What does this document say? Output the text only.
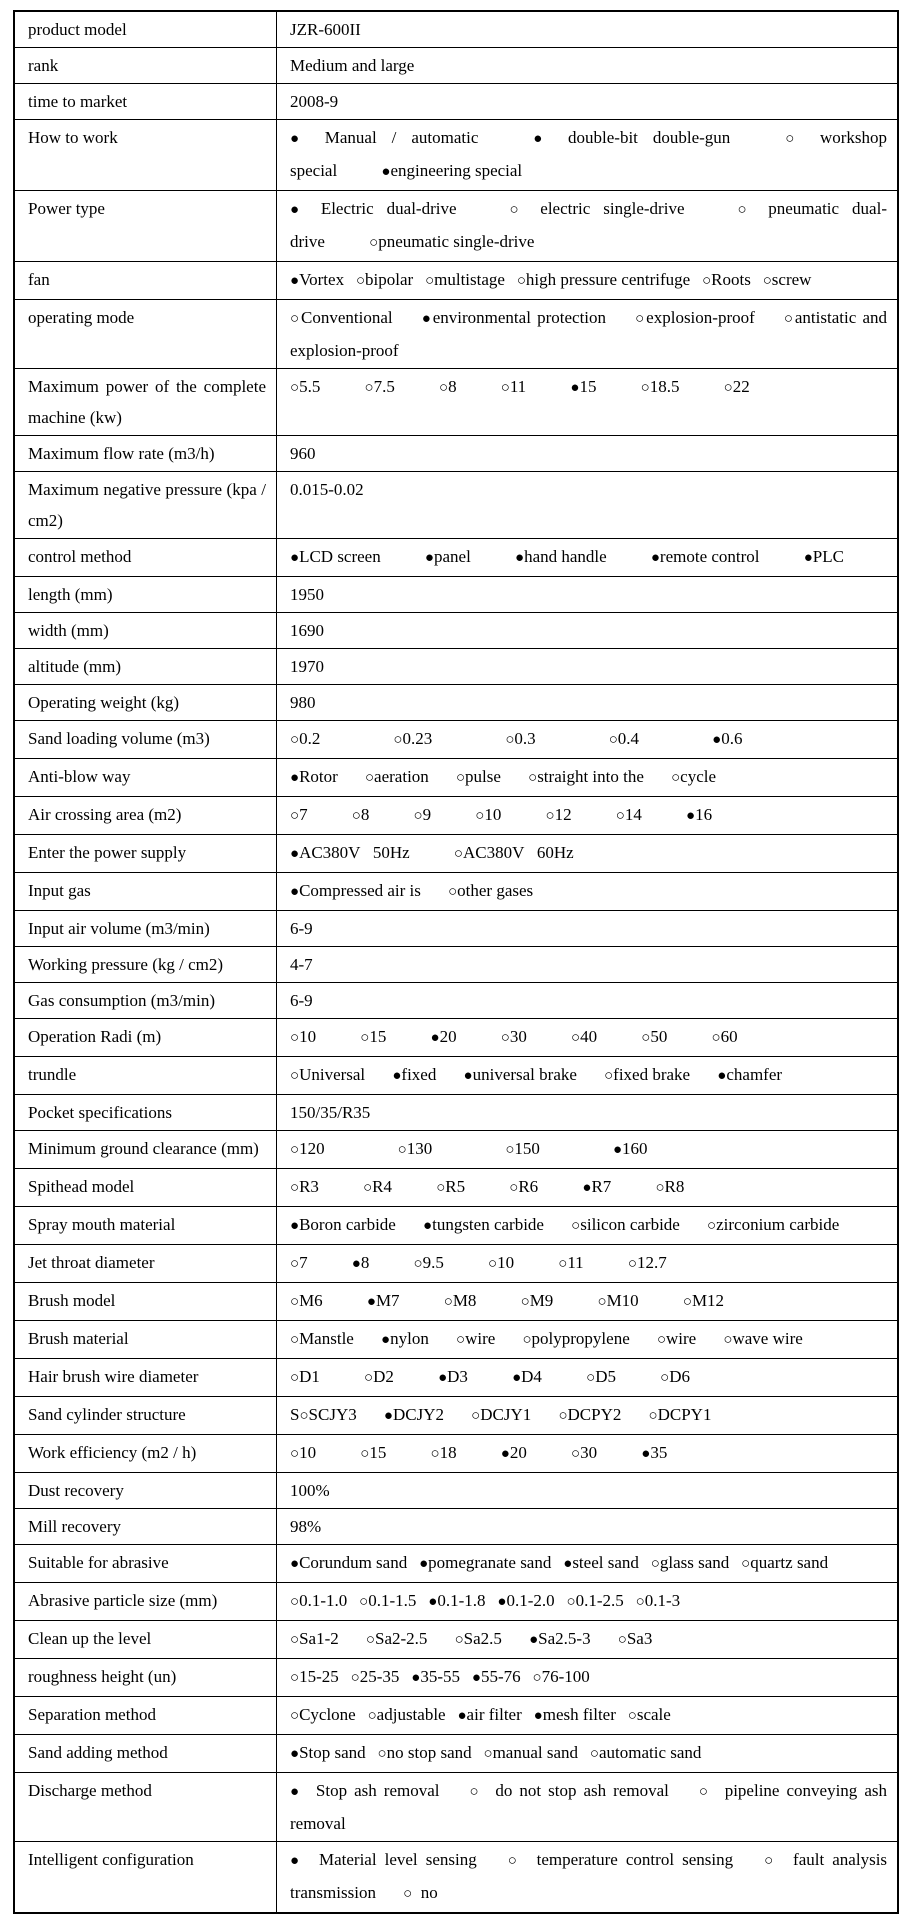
product model	JZR-600II
rank	Medium and large
time to market	2008-9
How to work	● Manual / automatic ● double-bit double-gun ○ workshop special ●engineering special
Power type	● Electric dual-drive ○ electric single-drive ○ pneumatic dual-drive ○pneumatic single-drive
fan	●Vortex ○bipolar ○multistage ○high pressure centrifuge ○Roots ○screw
operating mode	○Conventional ●environmental protection ○explosion-proof ○antistatic and explosion-proof
Maximum power of the complete machine (kw)	○5.5 ○7.5 ○8 ○11 ●15 ○18.5 ○22
Maximum flow rate (m3/h)	960
Maximum negative pressure (kpa / cm2)	0.015-0.02
control method	●LCD screen ●panel ●hand handle ●remote control ●PLC
length (mm)	1950
width (mm)	1690
altitude (mm)	1970
Operating weight (kg)	980
Sand loading volume (m3)	○0.2 ○0.23 ○0.3 ○0.4 ●0.6
Anti-blow way	●Rotor ○aeration ○pulse ○straight into the ○cycle
Air crossing area (m2)	○7 ○8 ○9 ○10 ○12 ○14 ●16
Enter the power supply	●AC380V   50Hz ○AC380V   60Hz
Input gas	●Compressed air is ○other gases
Input air volume (m3/min)	6-9
Working pressure (kg / cm2)	4-7
Gas consumption (m3/min)	6-9
Operation Radi (m)	○10 ○15 ●20 ○30 ○40 ○50 ○60
trundle	○Universal ●fixed ●universal brake ○fixed brake ●chamfer
Pocket specifications	150/35/R35
Minimum ground clearance (mm)	○120 ○130 ○150 ●160
Spithead model	○R3 ○R4 ○R5 ○R6 ●R7 ○R8
Spray mouth material	●Boron carbide ●tungsten carbide ○silicon carbide ○zirconium carbide
Jet throat diameter	○7 ●8 ○9.5 ○10 ○11 ○12.7
Brush model	○M6 ●M7 ○M8 ○M9 ○M10 ○M12
Brush material	○Manstle ●nylon ○wire ○polypropylene ○wire ○wave wire
Hair brush wire diameter	○D1 ○D2 ●D3 ●D4 ○D5 ○D6
Sand cylinder structure	S○SCJY3 ●DCJY2 ○DCJY1 ○DCPY2 ○DCPY1
Work efficiency (m2 / h)	○10 ○15 ○18 ●20 ○30 ●35
Dust recovery	100%
Mill recovery	98%
Suitable for abrasive	●Corundum sand ●pomegranate sand ●steel sand ○glass sand ○quartz sand
Abrasive particle size (mm)	○0.1-1.0 ○0.1-1.5 ●0.1-1.8 ●0.1-2.0 ○0.1-2.5 ○0.1-3
Clean up the level	○Sa1-2 ○Sa2-2.5 ○Sa2.5 ●Sa2.5-3 ○Sa3
roughness height (un)	○15-25 ○25-35 ●35-55 ●55-76 ○76-100
Separation method	○Cyclone ○adjustable ●air filter ●mesh filter ○scale
Sand adding method	●Stop sand ○no stop sand ○manual sand ○automatic sand
Discharge method	●  Stop ash removal ○  do not stop ash removal ○  pipeline conveying ash removal
Intelligent configuration	●  Material level sensing ○  temperature control sensing ○  fault analysis transmission ○  no
